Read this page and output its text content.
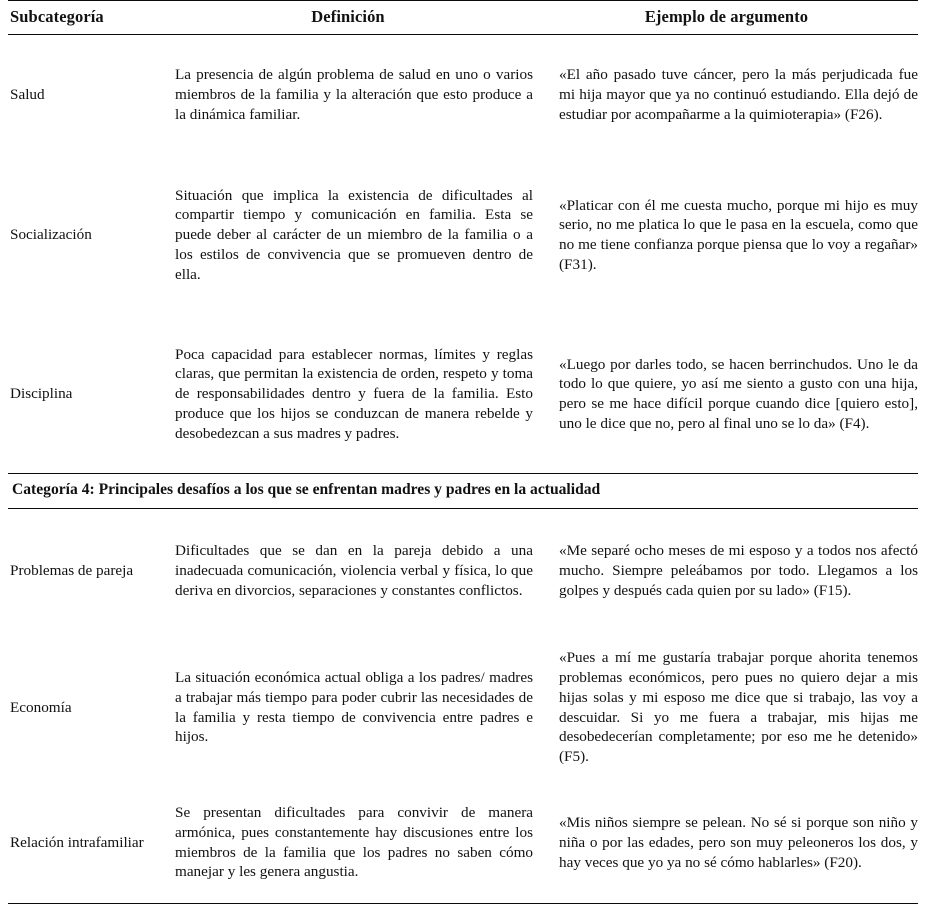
Subcategoría	Definición	Ejemplo de argumento
Salud	La presencia de algún problema de salud en uno o varios miembros de la familia y la alteración que esto produce a la dinámica familiar.	«El año pasado tuve cáncer, pero la más perjudicada fue mi hija mayor que ya no continuó estudiando. Ella dejó de estudiar por acompañarme a la quimioterapia» (F26).
Socialización	Situación que implica la existencia de dificultades al compartir tiempo y comunicación en familia. Esta se puede deber al carácter de un miembro de la familia o a los estilos de convivencia que se promueven dentro de ella.	«Platicar con él me cuesta mucho, porque mi hijo es muy serio, no me platica lo que le pasa en la escuela, como que no me tiene confianza porque piensa que lo voy a regañar» (F31).
Disciplina	Poca capacidad para establecer normas, límites y reglas claras, que permitan la existencia de orden, respeto y toma de responsabilidades dentro y fuera de la familia. Esto produce que los hijos se conduzcan de manera rebelde y desobedezcan a sus madres y padres.	«Luego por darles todo, se hacen berrinchudos. Uno le da todo lo que quiere, yo así me siento a gusto con una hija, pero se me hace difícil porque cuando dice [quiero esto], uno le dice que no, pero al final uno se lo da» (F4).
Categoría 4: Principales desafíos a los que se enfrentan madres y padres en la actualidad		
Problemas de pareja	Dificultades que se dan en la pareja debido a una inadecuada comunicación, violencia verbal y física, lo que deriva en divorcios, separaciones y constantes conflictos.	«Me separé ocho meses de mi esposo y a todos nos afectó mucho. Siempre peleábamos por todo. Llegamos a los golpes y después cada quien por su lado» (F15).
Economía	La situación económica actual obliga a los padres/ madres a trabajar más tiempo para poder cubrir las necesidades de la familia y resta tiempo de convivencia entre padres e hijos.	«Pues a mí me gustaría trabajar porque ahorita tenemos problemas económicos, pero pues no quiero dejar a mis hijas solas y mi esposo me dice que si trabajo, las voy a descuidar. Si yo me fuera a trabajar, mis hijas me desobedecerían completamente; por eso me he detenido» (F5).
Relación intrafamiliar	Se presentan dificultades para convivir de manera armónica, pues constantemente hay discusiones entre los miembros de la familia que los padres no saben cómo manejar y les genera angustia.	«Mis niños siempre se pelean. No sé si porque son niño y niña o por las edades, pero son muy peleoneros los dos, y hay veces que yo ya no sé cómo hablarles» (F20).
